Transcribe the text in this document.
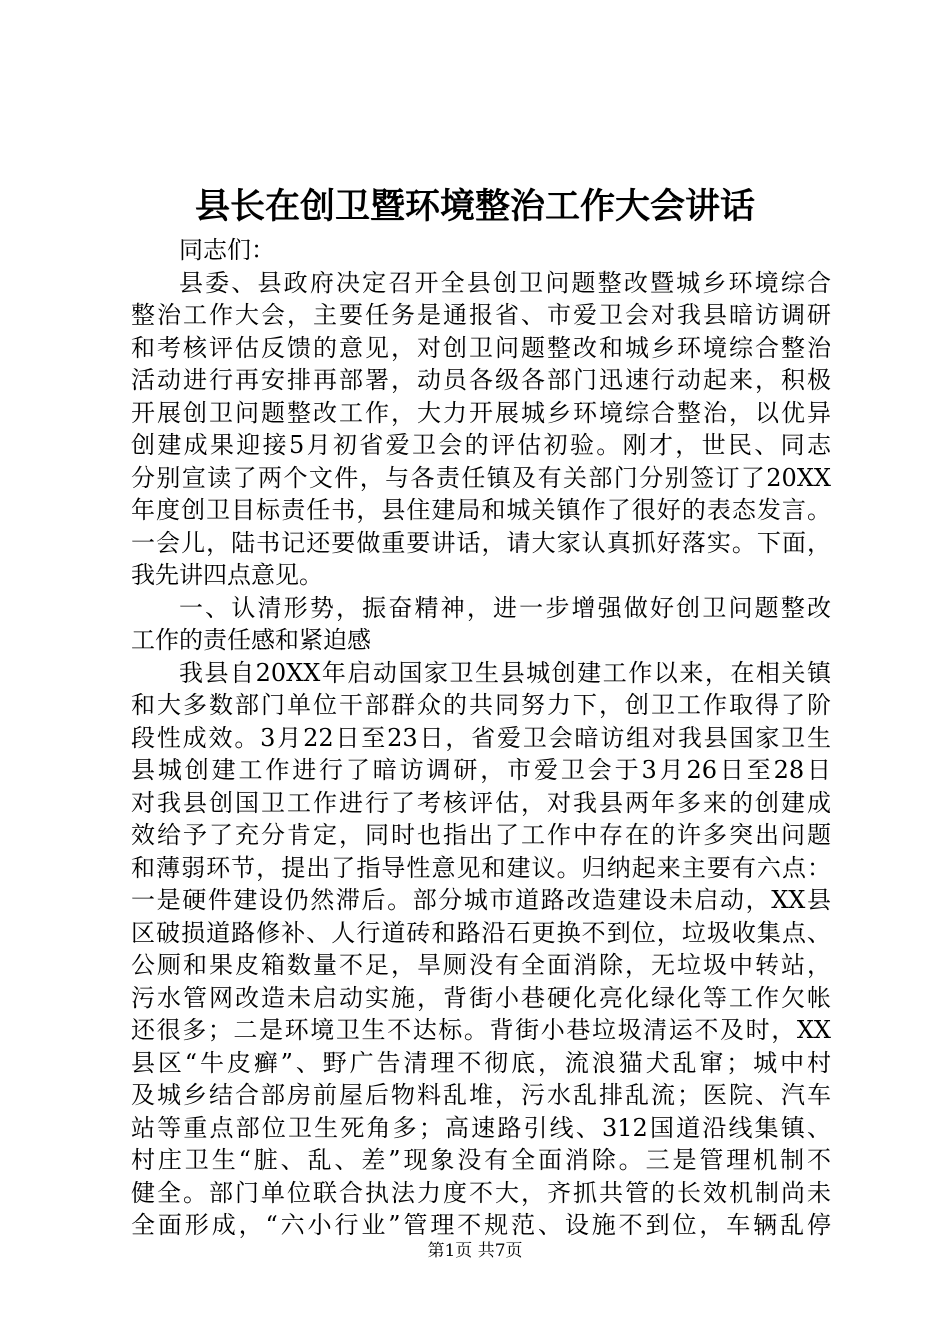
县长在创卫暨环境整治工作大会讲话
同志们：
县委、县政府决定召开全县创卫问题整改暨城乡环境综合
整治工作大会，主要任务是通报省、市爱卫会对我县暗访调研
和考核评估反馈的意见，对创卫问题整改和城乡环境综合整治
活动进行再安排再部署，动员各级各部门迅速行动起来，积极
开展创卫问题整改工作，大力开展城乡环境综合整治，以优异
创建成果迎接5月初省爱卫会的评估初验。刚才，世民、同志
分别宣读了两个文件，与各责任镇及有关部门分别签订了20XX
年度创卫目标责任书，县住建局和城关镇作了很好的表态发言。
一会儿，陆书记还要做重要讲话，请大家认真抓好落实。下面，
我先讲四点意见。
一、认清形势，振奋精神，进一步增强做好创卫问题整改
工作的责任感和紧迫感
我县自20XX年启动国家卫生县城创建工作以来，在相关镇
和大多数部门单位干部群众的共同努力下，创卫工作取得了阶
段性成效。3月22日至23日，省爱卫会暗访组对我县国家卫生
县城创建工作进行了暗访调研，市爱卫会于3月26日至28日
对我县创国卫工作进行了考核评估，对我县两年多来的创建成
效给予了充分肯定，同时也指出了工作中存在的许多突出问题
和薄弱环节，提出了指导性意见和建议。归纳起来主要有六点：
一是硬件建设仍然滞后。部分城市道路改造建设未启动，XX县
区破损道路修补、人行道砖和路沿石更换不到位，垃圾收集点、
公厕和果皮箱数量不足，旱厕没有全面消除，无垃圾中转站，
污水管网改造未启动实施，背街小巷硬化亮化绿化等工作欠帐
还很多；二是环境卫生不达标。背街小巷垃圾清运不及时，XX
县区“牛皮癣”、野广告清理不彻底，流浪猫犬乱窜；城中村
及城乡结合部房前屋后物料乱堆，污水乱排乱流；医院、汽车
站等重点部位卫生死角多；高速路引线、312国道沿线集镇、
村庄卫生“脏、乱、差”现象没有全面消除。三是管理机制不
健全。部门单位联合执法力度不大，齐抓共管的长效机制尚未
全面形成，“六小行业”管理不规范、设施不到位，车辆乱停
第1页 共7页
